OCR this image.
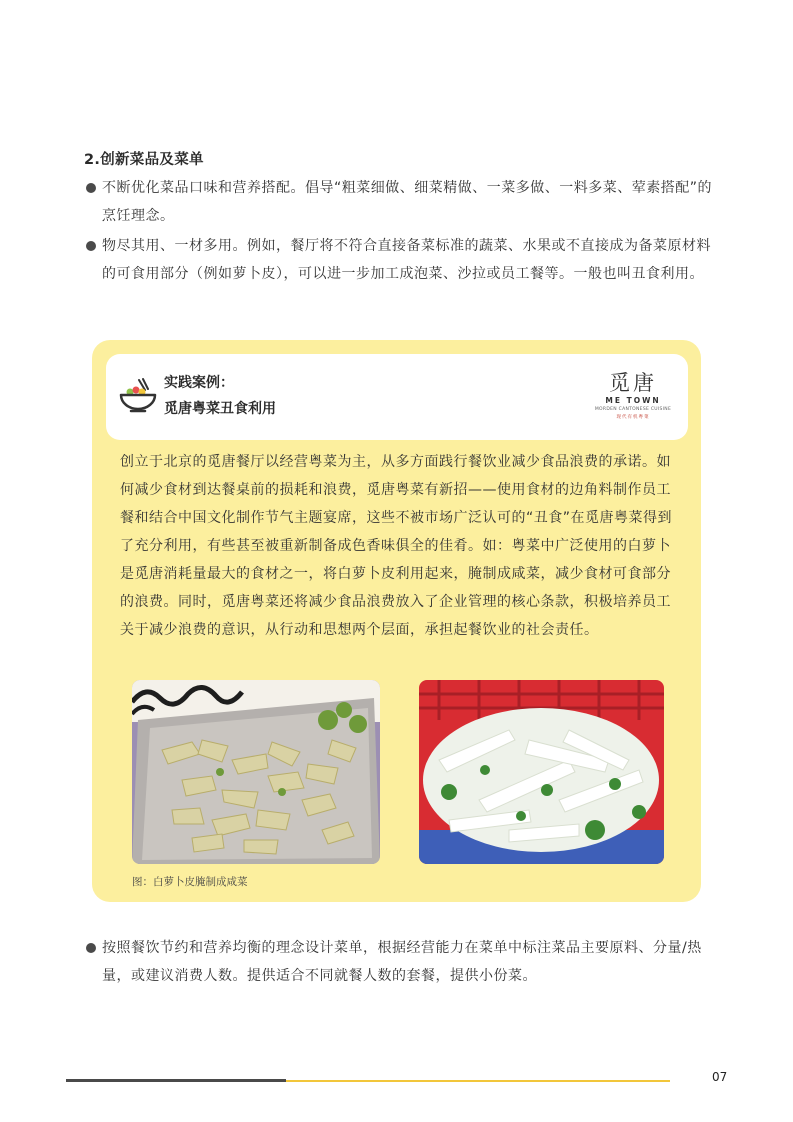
2.创新菜品及菜单
不断优化菜品口味和营养搭配。倡导“粗菜细做、细菜精做、一菜多做、一料多菜、荤素搭配”的烹饪理念。
物尽其用、一材多用。例如，餐厅将不符合直接备菜标准的蔬菜、水果或不直接成为备菜原材料的可食用部分（例如萝卜皮），可以进一步加工成泡菜、沙拉或员工餐等。一般也叫丑食利用。
实践案例：
觅唐粤菜丑食利用
觅唐
ME TOWN
MORDEN CANTONESE CUISINE
现代有机粤菜
创立于北京的觅唐餐厅以经营粤菜为主，从多方面践行餐饮业减少食品浪费的承诺。如何减少食材到达餐桌前的损耗和浪费，觅唐粤菜有新招——使用食材的边角料制作员工餐和结合中国文化制作节气主题宴席，这些不被市场广泛认可的“丑食”在觅唐粤菜得到了充分利用，有些甚至被重新制备成色香味俱全的佳肴。如：粤菜中广泛使用的白萝卜是觅唐消耗量最大的食材之一，将白萝卜皮利用起来，腌制成咸菜，减少食材可食部分的浪费。同时，觅唐粤菜还将减少食品浪费放入了企业管理的核心条款，积极培养员工关于减少浪费的意识，从行动和思想两个层面，承担起餐饮业的社会责任。
图：白萝卜皮腌制成咸菜
按照餐饮节约和营养均衡的理念设计菜单，根据经营能力在菜单中标注菜品主要原料、分量/热量，或建议消费人数。提供适合不同就餐人数的套餐，提供小份菜。
07
